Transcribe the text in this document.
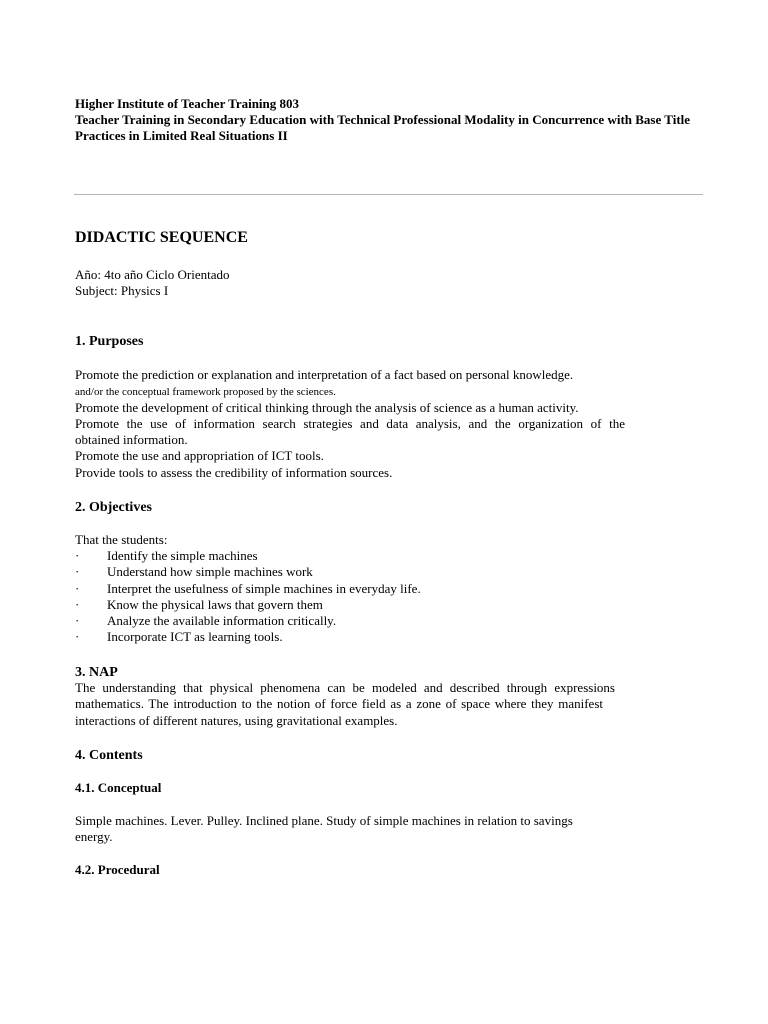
Higher Institute of Teacher Training 803
Teacher Training in Secondary Education with Technical Professional Modality in Concurrence with Base Title
Practices in Limited Real Situations II
DIDACTIC SEQUENCE
Año: 4to año Ciclo Orientado
Subject: Physics I
1. Purposes
Promote the prediction or explanation and interpretation of a fact based on personal knowledge.
and/or the conceptual framework proposed by the sciences.
Promote the development of critical thinking through the analysis of science as a human activity.
Promote the use of information search strategies and data analysis, and the organization of the
obtained information.
Promote the use and appropriation of ICT tools.
Provide tools to assess the credibility of information sources.
2. Objectives
That the students:
· Identify the simple machines
· Understand how simple machines work
· Interpret the usefulness of simple machines in everyday life.
· Know the physical laws that govern them
· Analyze the available information critically.
· Incorporate ICT as learning tools.
3. NAP
The understanding that physical phenomena can be modeled and described through expressions
mathematics. The introduction to the notion of force field as a zone of space where they manifest
interactions of different natures, using gravitational examples.
4. Contents
4.1. Conceptual
Simple machines. Lever. Pulley. Inclined plane. Study of simple machines in relation to savings
energy.
4.2. Procedural
